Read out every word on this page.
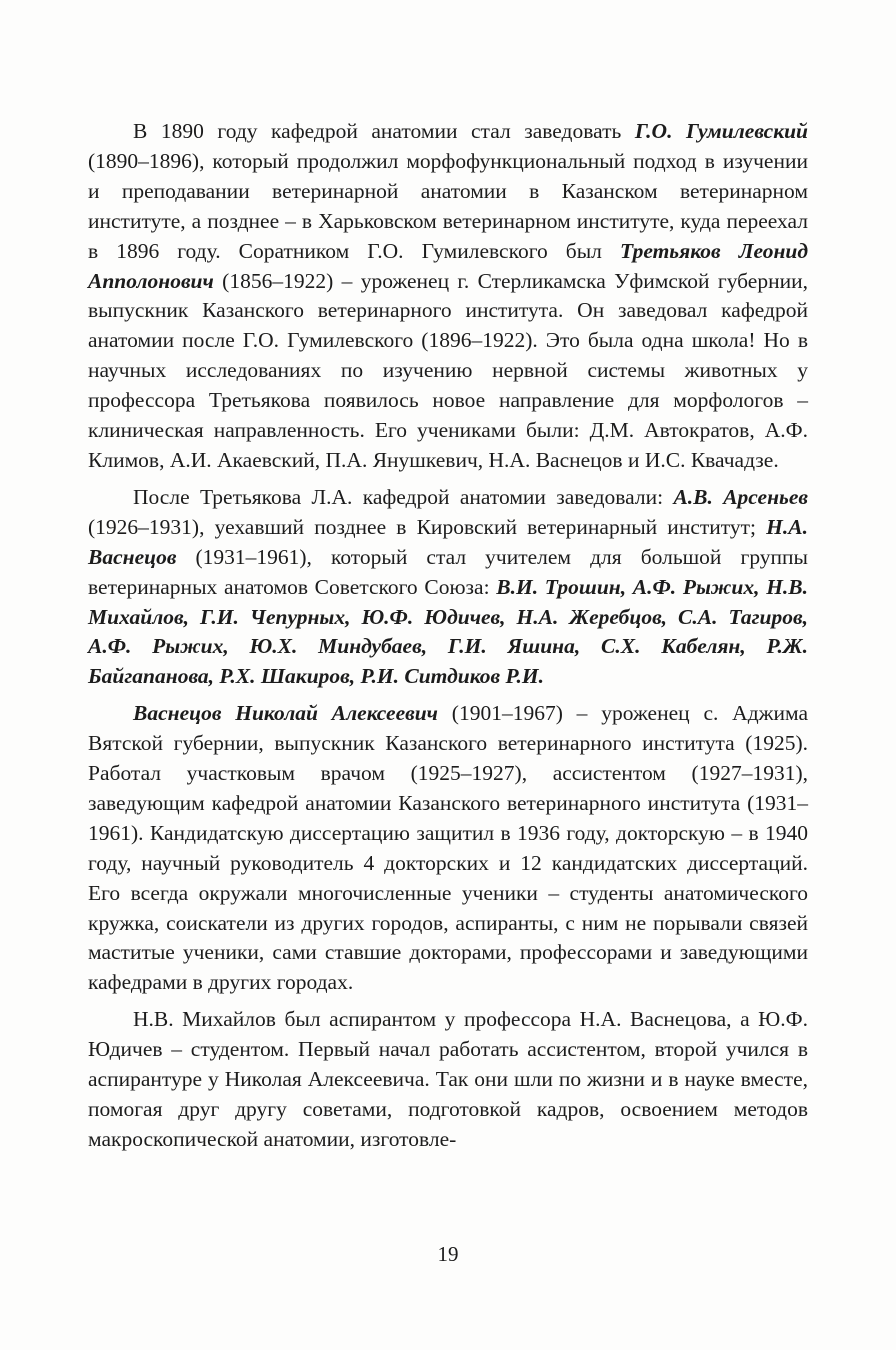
В 1890 году кафедрой анатомии стал заведовать Г.О. Гумилевский (1890–1896), который продолжил морфофункциональный подход в изучении и преподавании ветеринарной анатомии в Казанском ветеринарном институте, а позднее – в Харьковском ветеринарном институте, куда переехал в 1896 году. Соратником Г.О. Гумилевского был Третьяков Леонид Апполонович (1856–1922) – уроженец г. Стерликамска Уфимской губернии, выпускник Казанского ветеринарного института. Он заведовал кафедрой анатомии после Г.О. Гумилевского (1896–1922). Это была одна школа! Но в научных исследованиях по изучению нервной системы животных у профессора Третьякова появилось новое направление для морфологов – клиническая направленность. Его учениками были: Д.М. Автократов, А.Ф. Климов, А.И. Акаевский, П.А. Янушкевич, Н.А. Васнецов и И.С. Квачадзе.

После Третьякова Л.А. кафедрой анатомии заведовали: А.В. Арсеньев (1926–1931), уехавший позднее в Кировский ветеринарный институт; Н.А. Васнецов (1931–1961), который стал учителем для большой группы ветеринарных анатомов Советского Союза: В.И. Трошин, А.Ф. Рыжих, Н.В. Михайлов, Г.И. Чепурных, Ю.Ф. Юдичев, Н.А. Жеребцов, С.А. Тагиров, А.Ф. Рыжих, Ю.Х. Миндубаев, Г.И. Яшина, С.Х. Кабелян, Р.Ж. Байгапанова, Р.Х. Шакиров, Р.И. Ситдиков Р.И.

Васнецов Николай Алексеевич (1901–1967) – уроженец с. Аджима Вятской губернии, выпускник Казанского ветеринарного института (1925). Работал участковым врачом (1925–1927), ассистентом (1927–1931), заведующим кафедрой анатомии Казанского ветеринарного института (1931–1961). Кандидатскую диссертацию защитил в 1936 году, докторскую – в 1940 году, научный руководитель 4 докторских и 12 кандидатских диссертаций. Его всегда окружали многочисленные ученики – студенты анатомического кружка, соискатели из других городов, аспиранты, с ним не порывали связей маститые ученики, сами ставшие докторами, профессорами и заведующими кафедрами в других городах.

Н.В. Михайлов был аспирантом у профессора Н.А. Васнецова, а Ю.Ф. Юдичев – студентом. Первый начал работать ассистентом, второй учился в аспирантуре у Николая Алексеевича. Так они шли по жизни и в науке вместе, помогая друг другу советами, подготовкой кадров, освоением методов макроскопической анатомии, изготовле-

19
